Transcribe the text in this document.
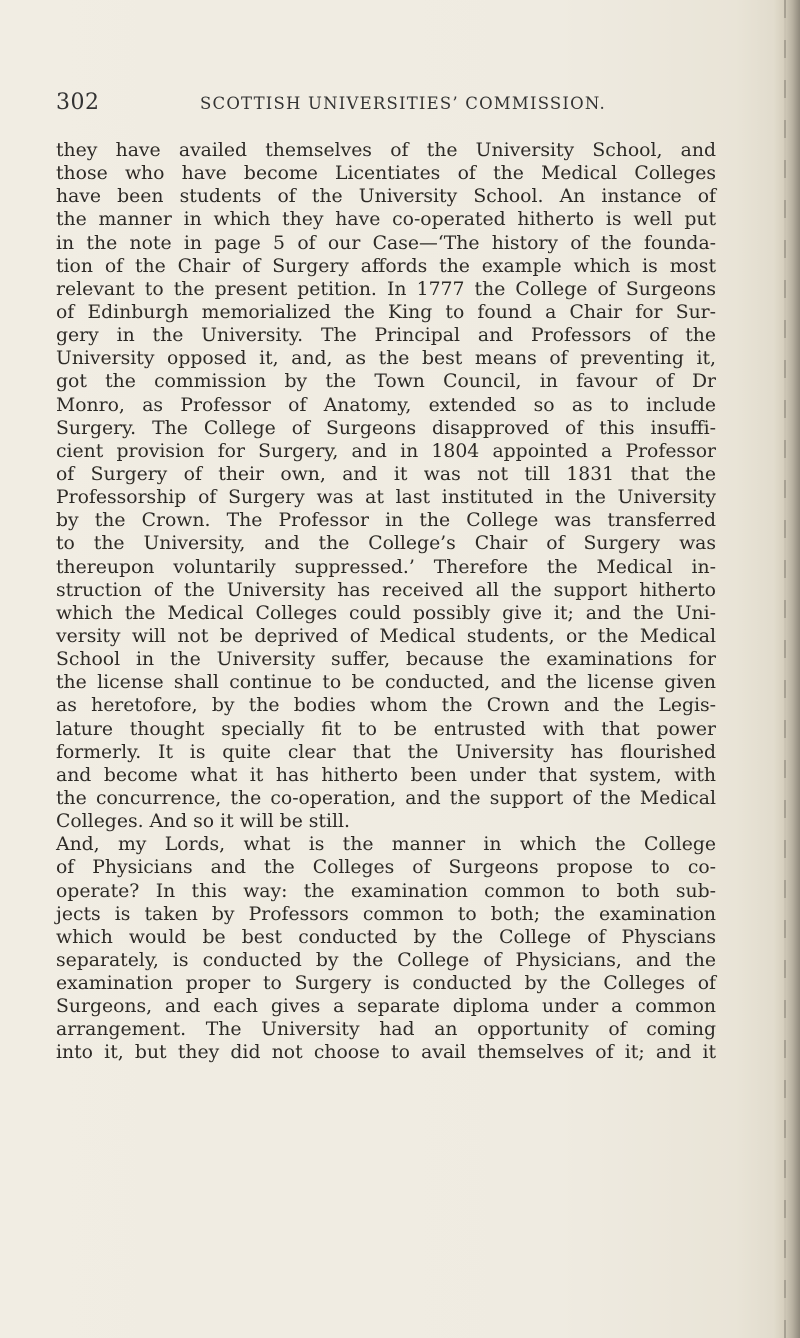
302	SCOTTISH UNIVERSITIES’ COMMISSION.
they have availed themselves of the University School, and
those who have become Licentiates of the Medical Colleges
have been students of the University School. An instance of
the manner in which they have co-operated hitherto is well put
in the note in page 5 of our Case—‘The history of the founda-
tion of the Chair of Surgery affords the example which is most
relevant to the present petition. In 1777 the College of Surgeons
of Edinburgh memorialized the King to found a Chair for Sur-
gery in the University. The Principal and Professors of the
University opposed it, and, as the best means of preventing it,
got the commission by the Town Council, in favour of Dr
Monro, as Professor of Anatomy, extended so as to include
Surgery. The College of Surgeons disapproved of this insuffi-
cient provision for Surgery, and in 1804 appointed a Professor
of Surgery of their own, and it was not till 1831 that the
Professorship of Surgery was at last instituted in the University
by the Crown. The Professor in the College was transferred
to the University, and the College’s Chair of Surgery was
thereupon voluntarily suppressed.’ Therefore the Medical in-
struction of the University has received all the support hitherto
which the Medical Colleges could possibly give it; and the Uni-
versity will not be deprived of Medical students, or the Medical
School in the University suffer, because the examinations for
the license shall continue to be conducted, and the license given
as heretofore, by the bodies whom the Crown and the Legis-
lature thought specially fit to be entrusted with that power
formerly. It is quite clear that the University has flourished
and become what it has hitherto been under that system, with
the concurrence, the co-operation, and the support of the Medical
Colleges. And so it will be still.
And, my Lords, what is the manner in which the College
of Physicians and the Colleges of Surgeons propose to co-
operate? In this way: the examination common to both sub-
jects is taken by Professors common to both; the examination
which would be best conducted by the College of Physcians
separately, is conducted by the College of Physicians, and the
examination proper to Surgery is conducted by the Colleges of
Surgeons, and each gives a separate diploma under a common
arrangement. The University had an opportunity of coming
into it, but they did not choose to avail themselves of it; and it
